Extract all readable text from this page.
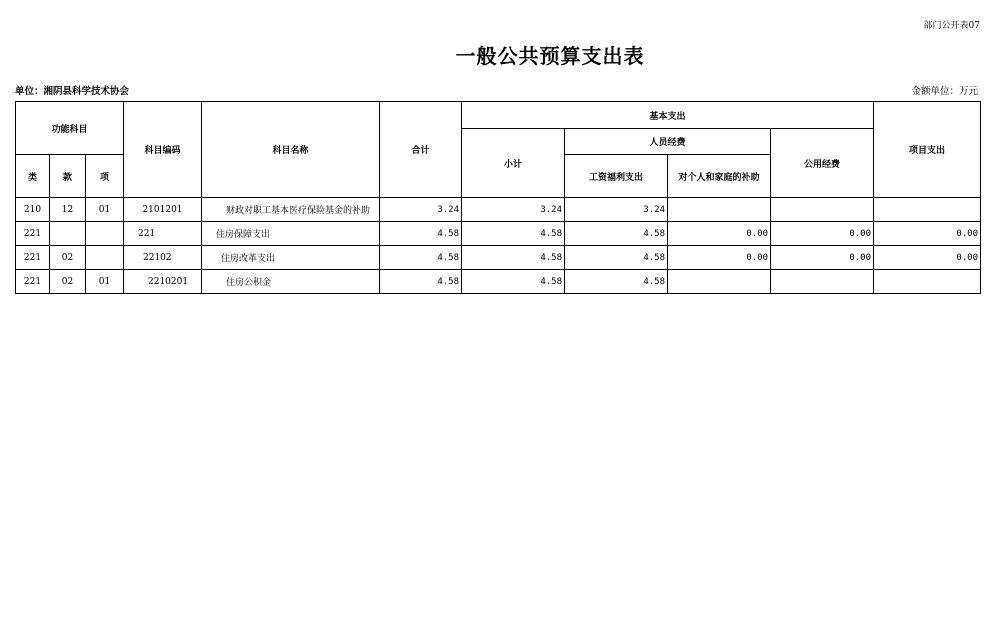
部门公开表07
一般公共预算支出表
单位：湘阴县科学技术协会	金额单位：万元
功能科目			科目编码	科目名称	合计	基本支出				项目支出
						小计	人员经费		公用经费	
类	款	项					工资福利支出	对个人和家庭的补助		
210	12	01	2101201	财政对职工基本医疗保险基金的补助	3.24	3.24	3.24			
221			221	住房保障支出	4.58	4.58	4.58	0.00	0.00	0.00
221	02		22102	住房改革支出	4.58	4.58	4.58	0.00	0.00	0.00
221	02	01	2210201	住房公积金	4.58	4.58	4.58			
